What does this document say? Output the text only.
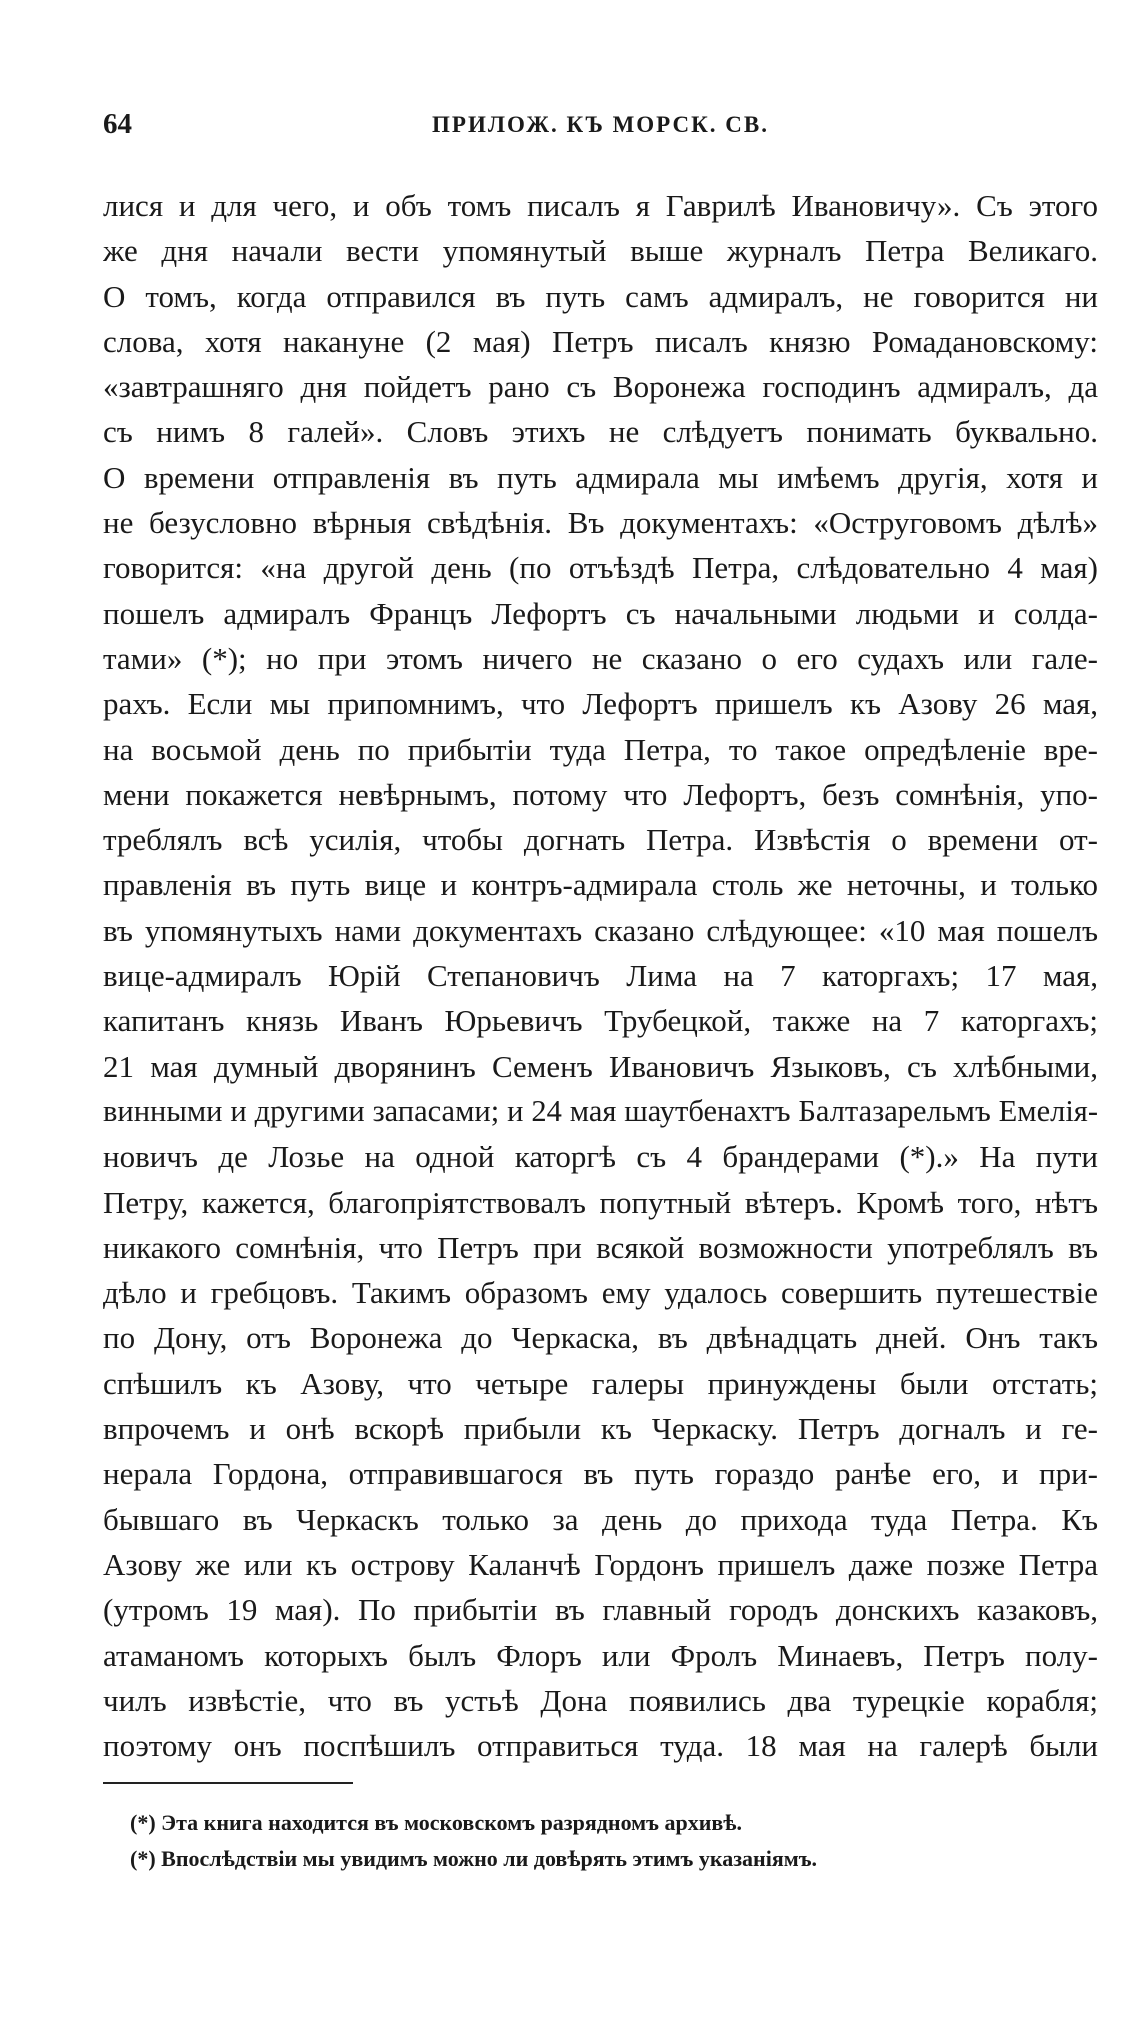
64	ПРИЛОЖ. КЪ МОРСК. СВ.
лися и для чего, и объ томъ писалъ я Гаврилѣ Ивановичу». Съ этого
же дня начали вести упомянутый выше журналъ Петра Великаго.
О томъ, когда отправился въ путь самъ адмиралъ, не говорится ни
слова, хотя накануне (2 мая) Петръ писалъ князю Ромадановскому:
«завтрашняго дня пойдетъ рано съ Воронежа господинъ адмиралъ, да
съ нимъ 8 галей». Словъ этихъ не слѣдуетъ понимать буквально.
О времени отправленія въ путь адмирала мы имѣемъ другія, хотя и
не безусловно вѣрныя свѣдѣнія. Въ документахъ: «Оструговомъ дѣлѣ»
говорится: «на другой день (по отъѣздѣ Петра, слѣдовательно 4 мая)
пошелъ адмиралъ Францъ Лефортъ съ начальными людьми и солда-
тами» (*); но при этомъ ничего не сказано о его судахъ или гале-
рахъ. Если мы припомнимъ, что Лефортъ пришелъ къ Азову 26 мая,
на восьмой день по прибытіи туда Петра, то такое опредѣленіе вре-
мени покажется невѣрнымъ, потому что Лефортъ, безъ сомнѣнія, упо-
треблялъ всѣ усилія, чтобы догнать Петра. Извѣстія о времени от-
правленія въ путь вице и контръ-адмирала столь же неточны, и только
въ упомянутыхъ нами документахъ сказано слѣдующее: «10 мая пошелъ
вице-адмиралъ Юрій Степановичъ Лима на 7 каторгахъ; 17 мая,
капитанъ князь Иванъ Юрьевичъ Трубецкой, также на 7 каторгахъ;
21 мая думный дворянинъ Семенъ Ивановичъ Языковъ, съ хлѣбными,
винными и другими запасами; и 24 мая шаутбенахтъ Балтазарельмъ Емелія-
новичъ де Лозье на одной каторгѣ съ 4 брандерами (*).» На пути
Петру, кажется, благопріятствовалъ попутный вѣтеръ. Кромѣ того, нѣтъ
никакого сомнѣнія, что Петръ при всякой возможности употреблялъ въ
дѣло и гребцовъ. Такимъ образомъ ему удалось совершить путешествіе
по Дону, отъ Воронежа до Черкаска, въ двѣнадцать дней. Онъ такъ
спѣшилъ къ Азову, что четыре галеры принуждены были отстать;
впрочемъ и онѣ вскорѣ прибыли къ Черкаску. Петръ догналъ и ге-
нерала Гордона, отправившагося въ путь гораздо ранѣе его, и при-
бывшаго въ Черкаскъ только за день до прихода туда Петра. Къ
Азову же или къ острову Каланчѣ Гордонъ пришелъ даже позже Петра
(утромъ 19 мая). По прибытіи въ главный городъ донскихъ казаковъ,
атаманомъ которыхъ былъ Флоръ или Фролъ Минаевъ, Петръ полу-
чилъ извѣстіе, что въ устьѣ Дона появились два турецкіе корабля;
поэтому онъ поспѣшилъ отправиться туда. 18 мая на галерѣ были
(*) Эта книга находится въ московскомъ разрядномъ архивѣ.
(*) Впослѣдствіи мы увидимъ можно ли довѣрять этимъ указаніямъ.
